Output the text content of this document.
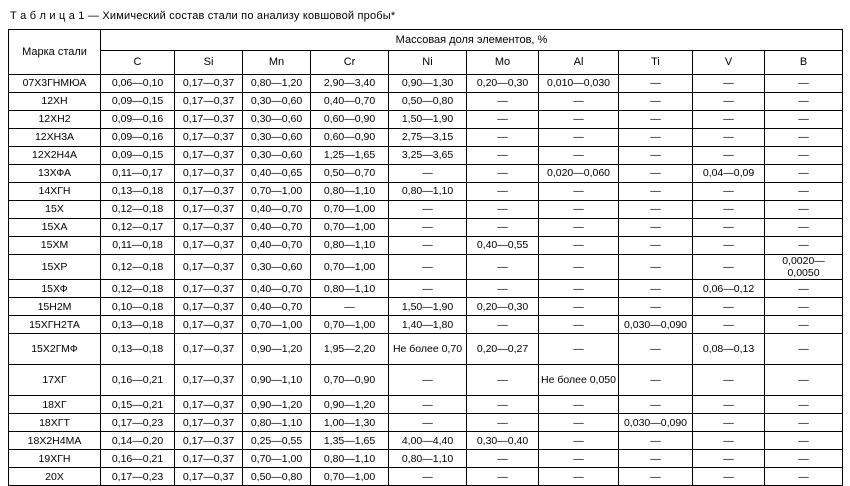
Т а б л и ц а 1 — Химический состав стали по анализу ковшовой пробы*
Марка стали	Массовая доля элементов, %									
	C	Si	Mn	Cr	Ni	Mo	Al	Ti	V	B
07Х3ГНМЮА	0,06—0,10	0,17—0,37	0,80—1,20	2,90—3,40	0,90—1,30	0,20—0,30	0,010—0,030	—	—	—

12ХН	0,09—0,15	0,17—0,37	0,30—0,60	0,40—0,70	0,50—0,80	—	—	—	—	—

12ХН2	0,09—0,16	0,17—0,37	0,30—0,60	0,60—0,90	1,50—1,90	—	—	—	—	—

12ХН3А	0,09—0,16	0,17—0,37	0,30—0,60	0,60—0,90	2,75—3,15	—	—	—	—	—

12Х2Н4А	0,09—0,15	0,17—0,37	0,30—0,60	1,25—1,65	3,25—3,65	—	—	—	—	—

13ХФА	0,11—0,17	0,17—0,37	0,40—0,65	0,50—0,70	—	—	0,020—0,060	—	0,04—0,09	—

14ХГН	0,13—0,18	0,17—0,37	0,70—1,00	0,80—1,10	0,80—1,10	—	—	—	—	—

15Х	0,12—0,18	0,17—0,37	0,40—0,70	0,70—1,00	—	—	—	—	—	—

15ХА	0,12—0,17	0,17—0,37	0,40—0,70	0,70—1,00	—	—	—	—	—	—

15ХМ	0,11—0,18	0,17—0,37	0,40—0,70	0,80—1,10	—	0,40—0,55	—	—	—	—

15ХР	0,12—0,18	0,17—0,37	0,30—0,60	0,70—1,00	—	—	—	—	—	0,0020—0,0050

15ХФ	0,12—0,18	0,17—0,37	0,40—0,70	0,80—1,10	—	—	—	—	0,06—0,12	—

15Н2М	0,10—0,18	0,17—0,37	0,40—0,70	—	1,50—1,90	0,20—0,30	—	—	—	—

15ХГН2ТА	0,13—0,18	0,17—0,37	0,70—1,00	0,70—1,00	1,40—1,80	—	—	0,030—0,090	—	—

15Х2ГМФ	0,13—0,18	0,17—0,37	0,90—1,20	1,95—2,20	Не более 0,70	0,20—0,27	—	—	0,08—0,13	—

17ХГ	0,16—0,21	0,17—0,37	0,90—1,10	0,70—0,90	—	—	Не более 0,050	—	—	—

18ХГ	0,15—0,21	0,17—0,37	0,90—1,20	0,90—1,20	—	—	—	—	—	—

18ХГТ	0,17—0,23	0,17—0,37	0,80—1,10	1,00—1,30	—	—	—	0,030—0,090	—	—

18Х2Н4МА	0,14—0,20	0,17—0,37	0,25—0,55	1,35—1,65	4,00—4,40	0,30—0,40	—	—	—	—

19ХГН	0,16—0,21	0,17—0,37	0,70—1,00	0,80—1,10	0,80—1,10	—	—	—	—	—

20Х	0,17—0,23	0,17—0,37	0,50—0,80	0,70—1,00	—	—	—	—	—	—
